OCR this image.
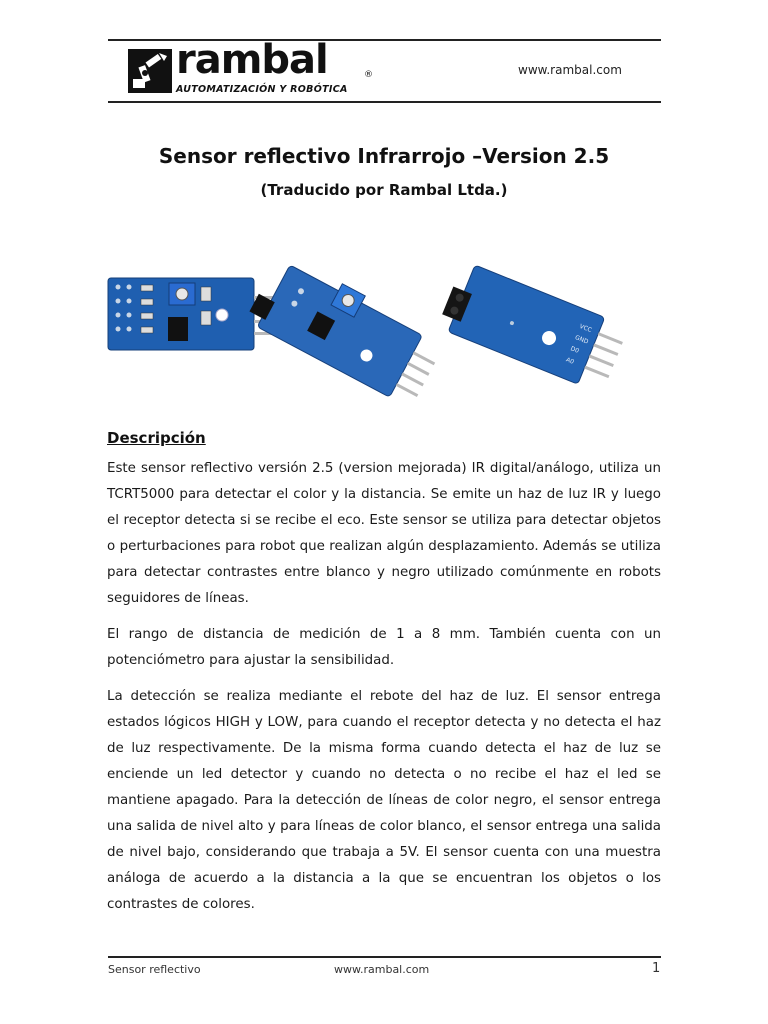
rambal	®
AUTOMATIZACIÓN Y ROBÓTICA
www.rambal.com
Sensor reflectivo Infrarrojo –Version 2.5
(Traducido por Rambal Ltda.)
VCC
GND
D0
A0
Descripción

Este sensor reflectivo versión 2.5 (version mejorada) IR digital/análogo, utiliza un TCRT5000 para detectar el color y la distancia. Se emite un haz de luz IR y luego el receptor detecta si se recibe el eco. Este sensor se utiliza para detectar objetos o perturbaciones para robot que realizan algún desplazamiento. Además se utiliza para detectar contrastes entre blanco y negro utilizado comúnmente en robots seguidores de líneas.

El rango de distancia de medición de 1 a 8 mm. También cuenta con un potenciómetro para ajustar la sensibilidad.

La detección se realiza mediante el rebote del haz de luz. El sensor entrega estados lógicos HIGH y LOW, para cuando el receptor detecta y no detecta el haz de luz respectivamente. De la misma forma cuando detecta el haz de luz se enciende un led detector y cuando no detecta o no recibe el haz el led se mantiene apagado. Para la detección de líneas de color negro, el sensor entrega una salida de nivel alto y para líneas de color blanco, el sensor entrega una salida de nivel bajo, considerando que trabaja a 5V. El sensor cuenta con una muestra análoga de acuerdo a la distancia a la que se encuentran los objetos o los contrastes de colores.

Sensor reflectivo	www.rambal.com	1
